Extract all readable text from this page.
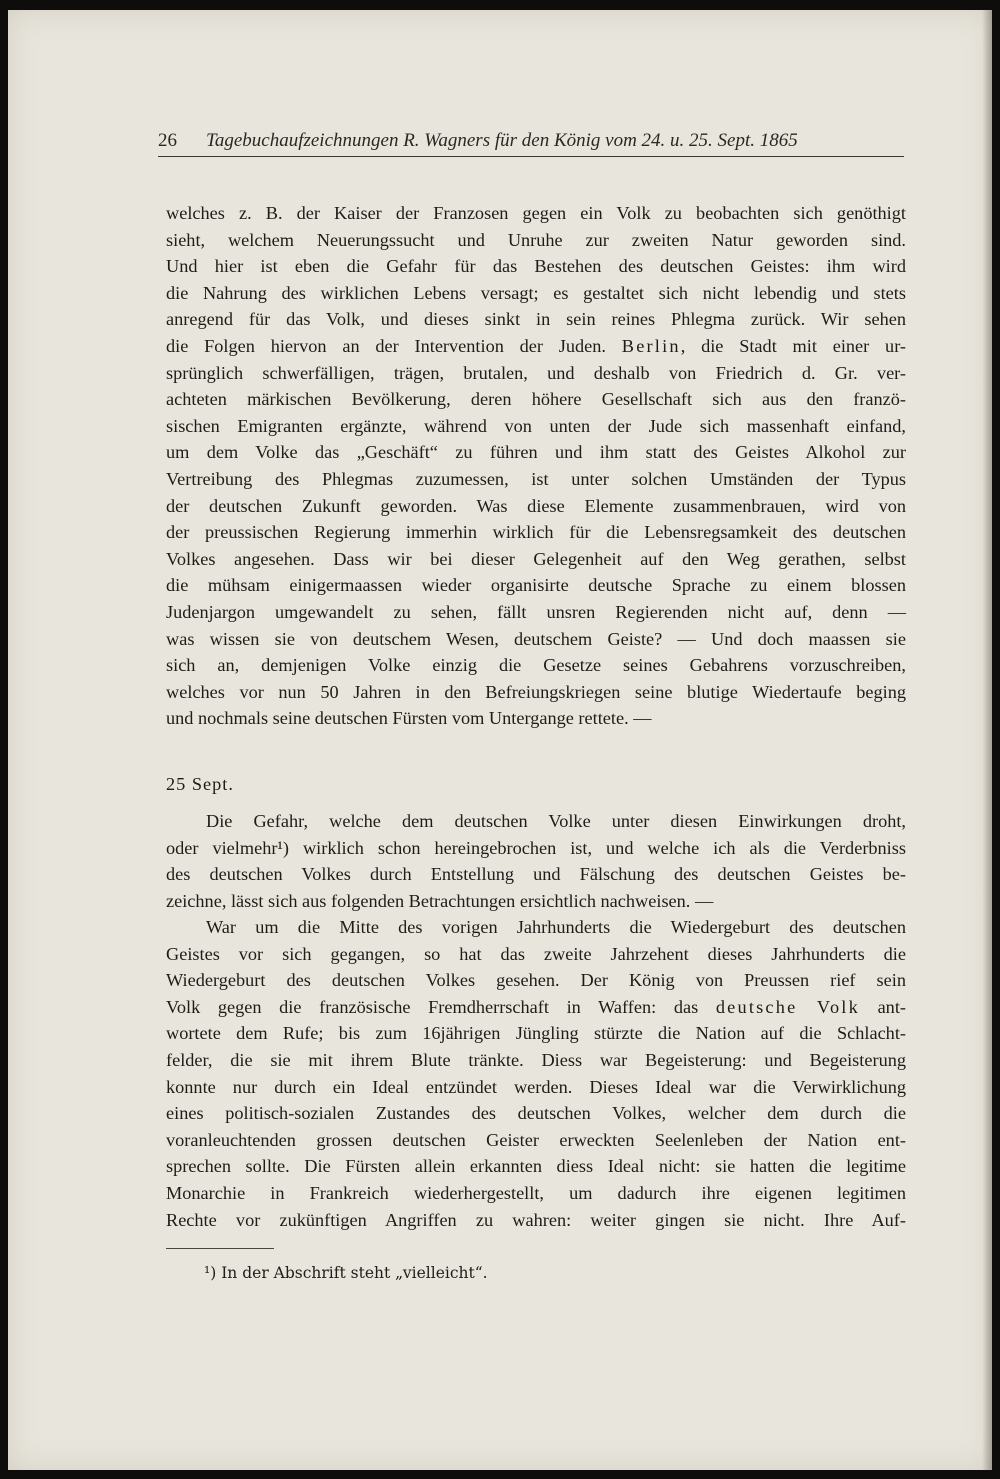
26 Tagebuchaufzeichnungen R. Wagners für den König vom 24. u. 25. Sept. 1865
welches z. B. der Kaiser der Franzosen gegen ein Volk zu beobachten sich genöthigt
sieht, welchem Neuerungssucht und Unruhe zur zweiten Natur geworden sind.
Und hier ist eben die Gefahr für das Bestehen des deutschen Geistes: ihm wird
die Nahrung des wirklichen Lebens versagt; es gestaltet sich nicht lebendig und stets
anregend für das Volk, und dieses sinkt in sein reines Phlegma zurück. Wir sehen
die Folgen hiervon an der Intervention der Juden. Berlin, die Stadt mit einer ur-
sprünglich schwerfälligen, trägen, brutalen, und deshalb von Friedrich d. Gr. ver-
achteten märkischen Bevölkerung, deren höhere Gesellschaft sich aus den franzö-
sischen Emigranten ergänzte, während von unten der Jude sich massenhaft einfand,
um dem Volke das „Geschäft“ zu führen und ihm statt des Geistes Alkohol zur
Vertreibung des Phlegmas zuzumessen, ist unter solchen Umständen der Typus
der deutschen Zukunft geworden. Was diese Elemente zusammenbrauen, wird von
der preussischen Regierung immerhin wirklich für die Lebensregsamkeit des deutschen
Volkes angesehen. Dass wir bei dieser Gelegenheit auf den Weg gerathen, selbst
die mühsam einigermaassen wieder organisirte deutsche Sprache zu einem blossen
Judenjargon umgewandelt zu sehen, fällt unsren Regierenden nicht auf, denn —
was wissen sie von deutschem Wesen, deutschem Geiste? — Und doch maassen sie
sich an, demjenigen Volke einzig die Gesetze seines Gebahrens vorzuschreiben,
welches vor nun 50 Jahren in den Befreiungskriegen seine blutige Wiedertaufe beging
und nochmals seine deutschen Fürsten vom Untergange rettete. —
25 Sept.
Die Gefahr, welche dem deutschen Volke unter diesen Einwirkungen droht,
oder vielmehr¹) wirklich schon hereingebrochen ist, und welche ich als die Verderbniss
des deutschen Volkes durch Entstellung und Fälschung des deutschen Geistes be-
zeichne, lässt sich aus folgenden Betrachtungen ersichtlich nachweisen. —
War um die Mitte des vorigen Jahrhunderts die Wiedergeburt des deutschen
Geistes vor sich gegangen, so hat das zweite Jahrzehent dieses Jahrhunderts die
Wiedergeburt des deutschen Volkes gesehen. Der König von Preussen rief sein
Volk gegen die französische Fremdherrschaft in Waffen: das deutsche Volk ant-
wortete dem Rufe; bis zum 16jährigen Jüngling stürzte die Nation auf die Schlacht-
felder, die sie mit ihrem Blute tränkte. Diess war Begeisterung: und Begeisterung
konnte nur durch ein Ideal entzündet werden. Dieses Ideal war die Verwirklichung
eines politisch-sozialen Zustandes des deutschen Volkes, welcher dem durch die
voranleuchtenden grossen deutschen Geister erweckten Seelenleben der Nation ent-
sprechen sollte. Die Fürsten allein erkannten diess Ideal nicht: sie hatten die legitime
Monarchie in Frankreich wiederhergestellt, um dadurch ihre eigenen legitimen
Rechte vor zukünftigen Angriffen zu wahren: weiter gingen sie nicht. Ihre Auf-
¹) In der Abschrift steht „vielleicht“.
